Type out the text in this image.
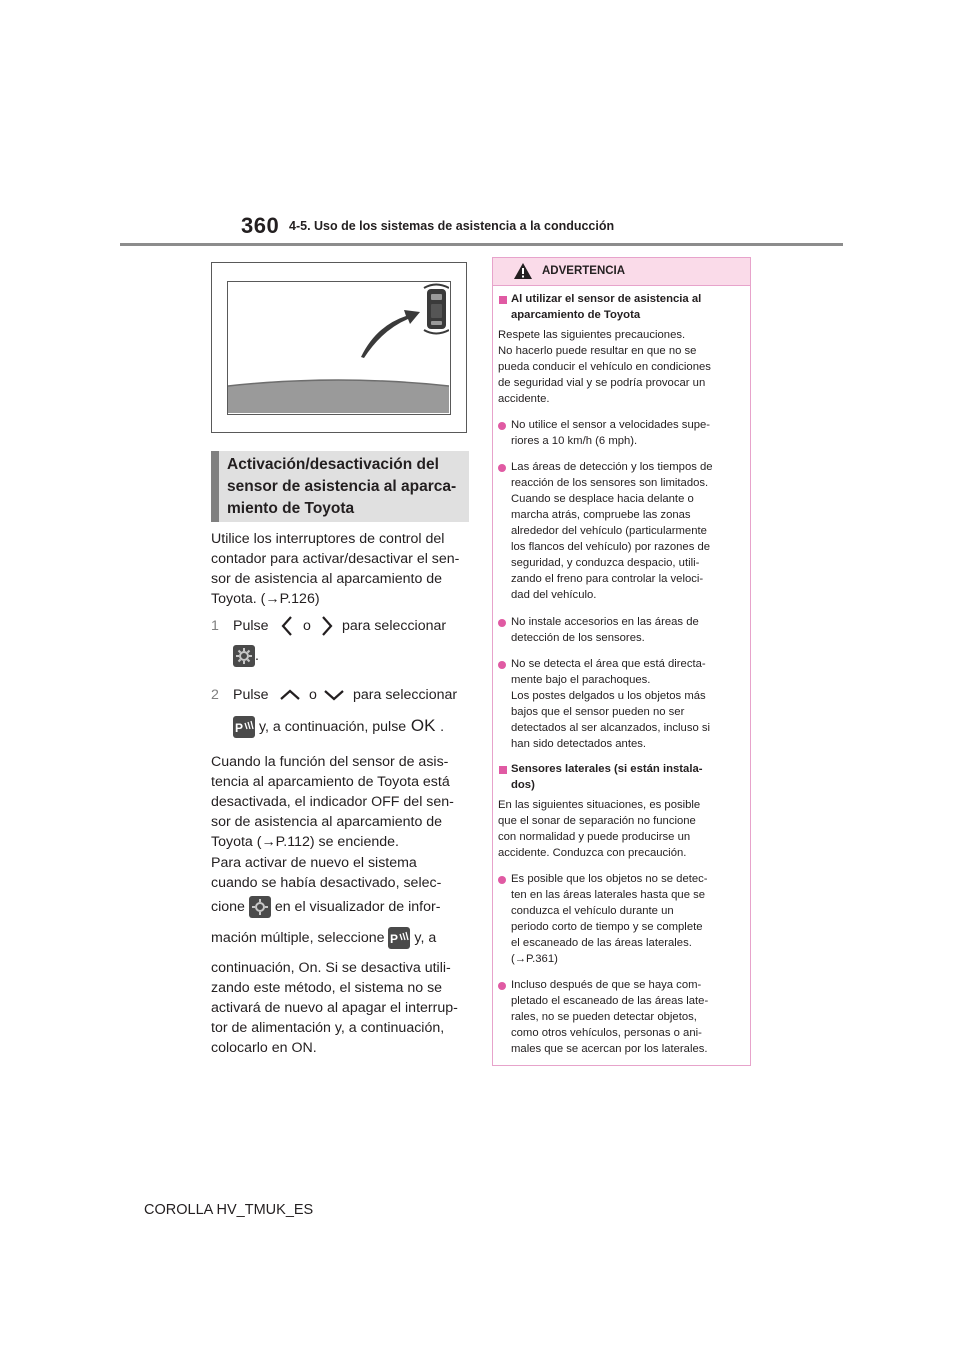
360 4-5. Uso de los sistemas de asistencia a la conducción
Activación/desactivación del
sensor de asistencia al aparca-
miento de Toyota
Utilice los interruptores de control del
contador para activar/desactivar el sen-
sor de asistencia al aparcamiento de
Toyota. (→P.126)
1 Pulse o para seleccionar
.
2 Pulse	o	para seleccionar
P y, a continuación, pulse OK .
Cuando la función del sensor de asis-
tencia al aparcamiento de Toyota está
desactivada, el indicador OFF del sen-
sor de asistencia al aparcamiento de
Toyota (→P.112) se enciende.
Para activar de nuevo el sistema
cuando se había desactivado, selec-
cione en el visualizador de infor-
mación múltiple, seleccione P y, a
continuación, On. Si se desactiva utili-
zando este método, el sistema no se
activará de nuevo al apagar el interrup-
tor de alimentación y, a continuación,
colocarlo en ON.
ADVERTENCIA
Al utilizar el sensor de asistencia al
aparcamiento de Toyota
Respete las siguientes precauciones.
No hacerlo puede resultar en que no se
pueda conducir el vehículo en condiciones
de seguridad vial y se podría provocar un
accidente.
No utilice el sensor a velocidades supe-
riores a 10 km/h (6 mph).
Las áreas de detección y los tiempos de
reacción de los sensores son limitados.
Cuando se desplace hacia delante o
marcha atrás, compruebe las zonas
alrededor del vehículo (particularmente
los flancos del vehículo) por razones de
seguridad, y conduzca despacio, utili-
zando el freno para controlar la veloci-
dad del vehículo.
No instale accesorios en las áreas de
detección de los sensores.
No se detecta el área que está directa-
mente bajo el parachoques.
Los postes delgados u los objetos más
bajos que el sensor pueden no ser
detectados al ser alcanzados, incluso si
han sido detectados antes.
Sensores laterales (si están instala-
dos)
En las siguientes situaciones, es posible
que el sonar de separación no funcione
con normalidad y puede producirse un
accidente. Conduzca con precaución.
Es posible que los objetos no se detec-
ten en las áreas laterales hasta que se
conduzca el vehículo durante un
periodo corto de tiempo y se complete
el escaneado de las áreas laterales.
(→P.361)
Incluso después de que se haya com-
pletado el escaneado de las áreas late-
rales, no se pueden detectar objetos,
como otros vehículos, personas o ani-
males que se acercan por los laterales.
COROLLA HV_TMUK_ES
